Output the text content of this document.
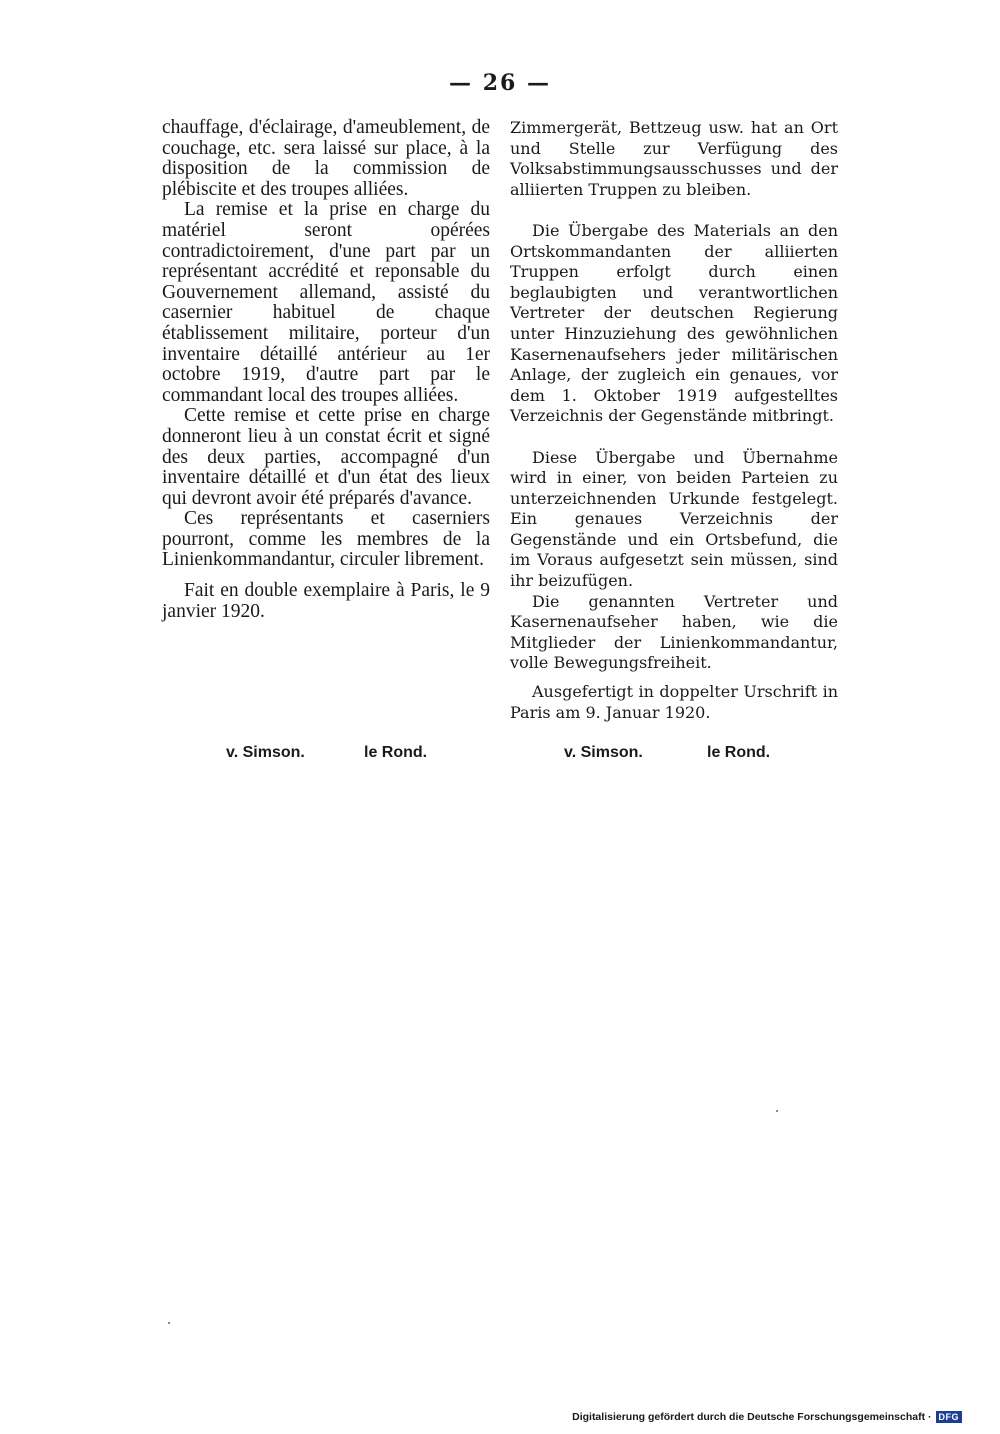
— 26 —

chauffage, d'éclairage, d'ameublement, de couchage, etc. sera laissé sur place, à la disposition de la commission de plébiscite et des troupes alliées.

La remise et la prise en charge du matériel seront opérées contradictoirement, d'une part par un représentant accrédité et reponsable du Gouvernement allemand, assisté du casernier habituel de chaque établissement militaire, porteur d'un inventaire détaillé antérieur au 1er octobre 1919, d'autre part par le commandant local des troupes alliées.

Cette remise et cette prise en charge donneront lieu à un constat écrit et signé des deux parties, accompagné d'un inventaire détaillé et d'un état des lieux qui devront avoir été préparés d'avance.

Ces représentants et caserniers pourront, comme les membres de la Linienkommandantur, circuler librement.

Fait en double exemplaire à Paris, le 9 janvier 1920.

Zimmergerät, Bettzeug usw. hat an Ort und Stelle zur Verfügung des Volksabstimmungsausschusses und der alliierten Truppen zu bleiben.

Die Übergabe des Materials an den Ortskommandanten der alliierten Truppen erfolgt durch einen beglaubigten und verantwortlichen Vertreter der deutschen Regierung unter Hinzuziehung des gewöhnlichen Kasernenaufsehers jeder militärischen Anlage, der zugleich ein genaues, vor dem 1. Oktober 1919 aufgestelltes Verzeichnis der Gegenstände mitbringt.

Diese Übergabe und Übernahme wird in einer, von beiden Parteien zu unterzeichnenden Urkunde festgelegt. Ein genaues Verzeichnis der Gegenstände und ein Ortsbefund, die im Voraus aufgesetzt sein müssen, sind ihr beizufügen.

Die genannten Vertreter und Kasernenaufseher haben, wie die Mitglieder der Linienkommandantur, volle Bewegungsfreiheit.

Ausgefertigt in doppelter Urschrift in Paris am 9. Januar 1920.

v. Simson.	le Rond.	v. Simson.	le Rond.
Digitalisierung gefördert durch die Deutsche Forschungsgemeinschaft · DFG
